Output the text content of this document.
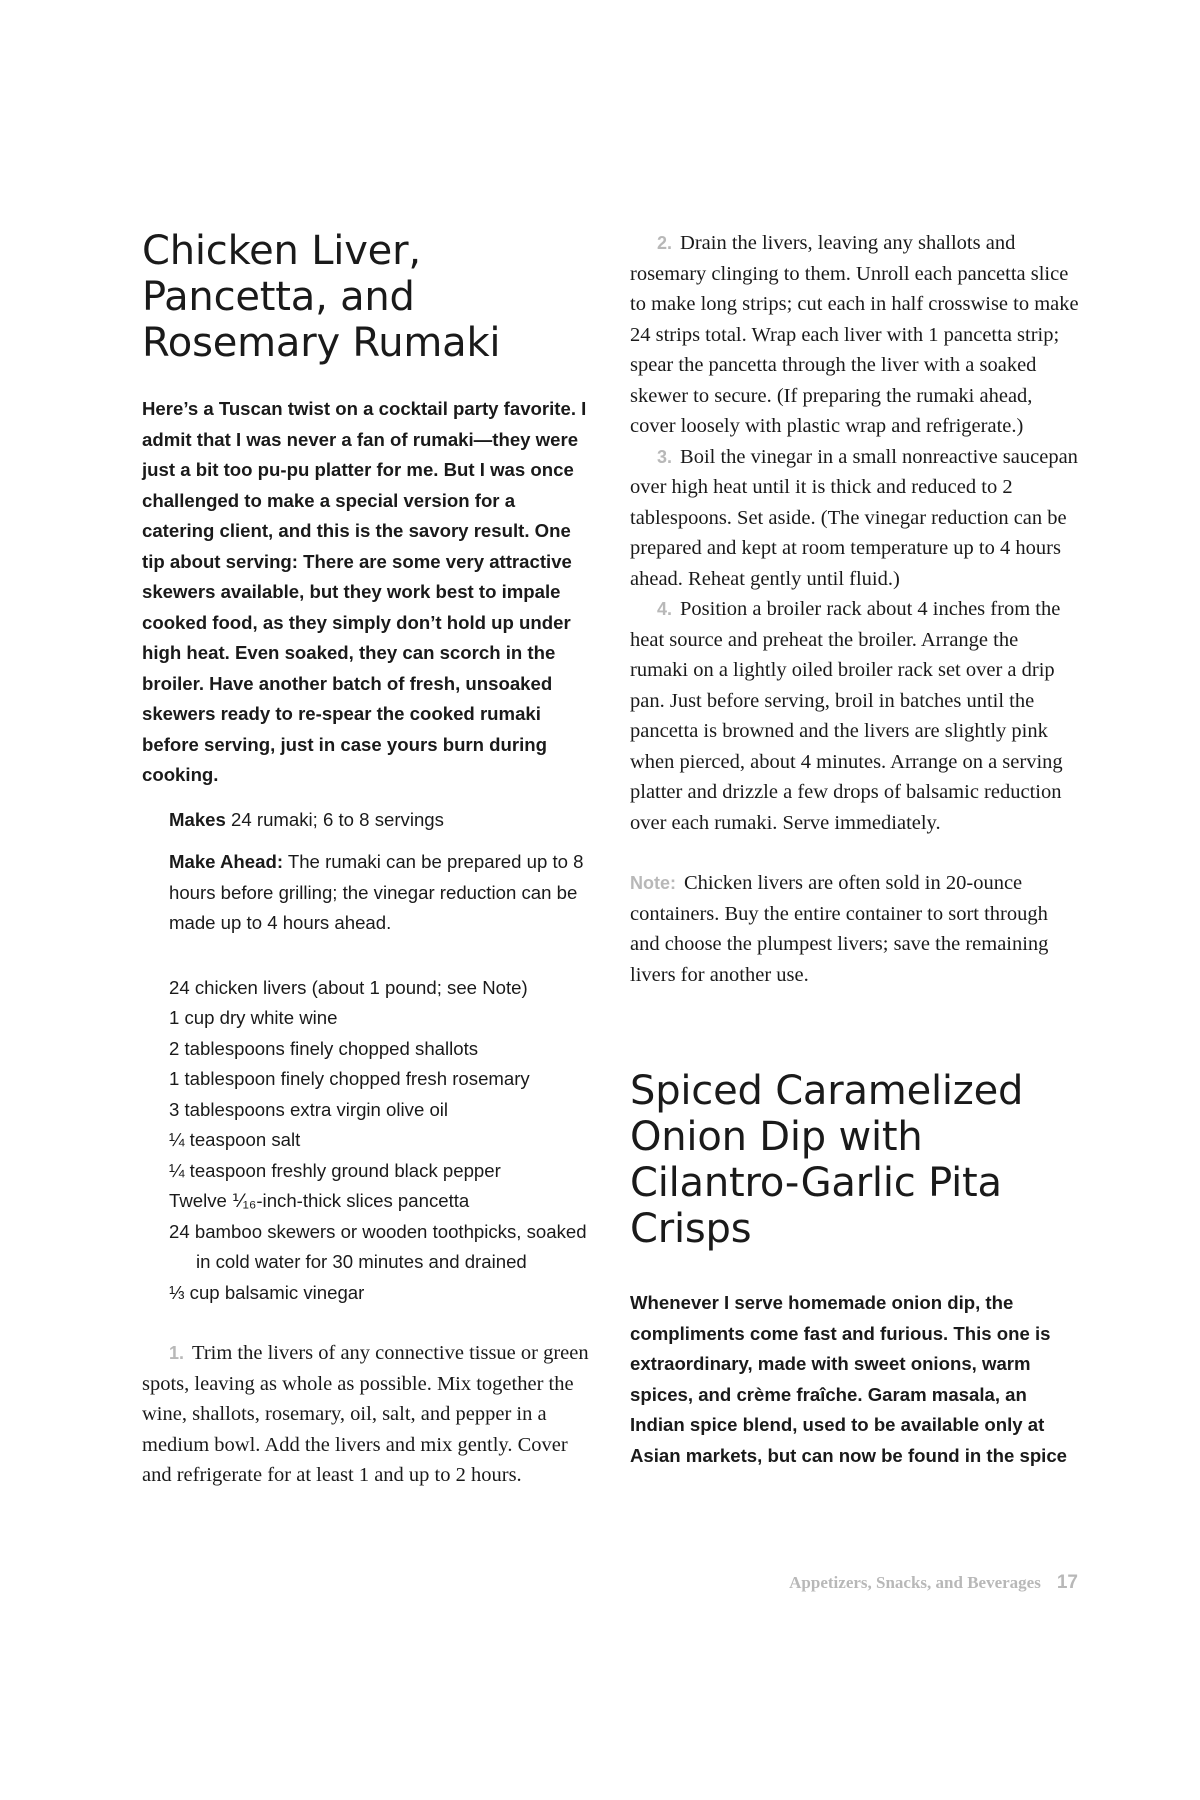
Chicken Liver, Pancetta, and Rosemary Rumaki

Here’s a Tuscan twist on a cocktail party favorite. I admit that I was never a fan of rumaki—they were just a bit too pu-pu platter for me. But I was once challenged to make a special version for a catering client, and this is the savory result. One tip about serving: There are some very attractive skewers available, but they work best to impale cooked food, as they simply don’t hold up under high heat. Even soaked, they can scorch in the broiler. Have another batch of fresh, unsoaked skewers ready to re-spear the cooked rumaki before serving, just in case yours burn during cooking.

Makes 24 rumaki; 6 to 8 servings

Make Ahead: The rumaki can be prepared up to 8 hours before grilling; the vinegar reduction can be made up to 4 hours ahead.

24 chicken livers (about 1 pound; see Note)
1 cup dry white wine
2 tablespoons finely chopped shallots
1 tablespoon finely chopped fresh rosemary
3 tablespoons extra virgin olive oil
¼ teaspoon salt
¼ teaspoon freshly ground black pepper
Twelve ⅟₁₆-inch-thick slices pancetta
24 bamboo skewers or wooden toothpicks, soaked in cold water for 30 minutes and drained
⅓ cup balsamic vinegar

1. Trim the livers of any connective tissue or green spots, leaving as whole as possible. Mix together the wine, shallots, rosemary, oil, salt, and pepper in a medium bowl. Add the livers and mix gently. Cover and refrigerate for at least 1 and up to 2 hours.

2. Drain the livers, leaving any shallots and rosemary clinging to them. Unroll each pancetta slice to make long strips; cut each in half crosswise to make 24 strips total. Wrap each liver with 1 pancetta strip; spear the pancetta through the liver with a soaked skewer to secure. (If preparing the rumaki ahead, cover loosely with plastic wrap and refrigerate.)

3. Boil the vinegar in a small nonreactive saucepan over high heat until it is thick and reduced to 2 tablespoons. Set aside. (The vinegar reduction can be prepared and kept at room temperature up to 4 hours ahead. Reheat gently until fluid.)

4. Position a broiler rack about 4 inches from the heat source and preheat the broiler. Arrange the rumaki on a lightly oiled broiler rack set over a drip pan. Just before serving, broil in batches until the pancetta is browned and the livers are slightly pink when pierced, about 4 minutes. Arrange on a serving platter and drizzle a few drops of balsamic reduction over each rumaki. Serve immediately.

Note: Chicken livers are often sold in 20-ounce containers. Buy the entire container to sort through and choose the plumpest livers; save the remaining livers for another use.

Spiced Caramelized Onion Dip with Cilantro-Garlic Pita Crisps

Whenever I serve homemade onion dip, the compliments come fast and furious. This one is extraordinary, made with sweet onions, warm spices, and crème fraîche. Garam masala, an Indian spice blend, used to be available only at Asian markets, but can now be found in the spice

Appetizers, Snacks, and Beverages 17
